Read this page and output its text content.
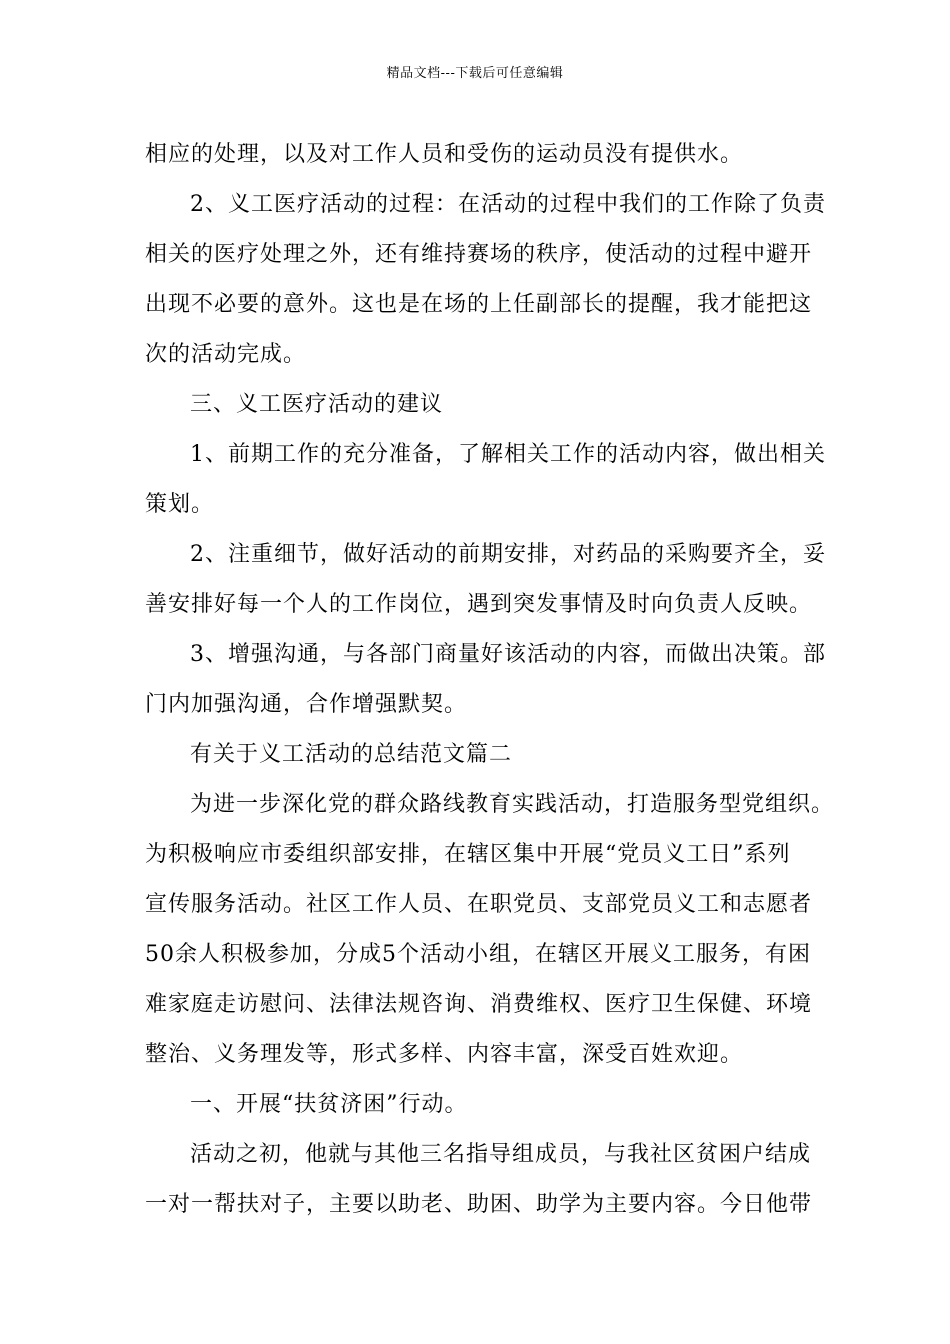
精品文档---下载后可任意编辑
相应的处理，以及对工作人员和受伤的运动员没有提供水。
2、义工医疗活动的过程：在活动的过程中我们的工作除了负责
相关的医疗处理之外，还有维持赛场的秩序，使活动的过程中避开
出现不必要的意外。这也是在场的上任副部长的提醒，我才能把这
次的活动完成。
三、义工医疗活动的建议
1、前期工作的充分准备，了解相关工作的活动内容，做出相关
策划。
2、注重细节，做好活动的前期安排，对药品的采购要齐全，妥
善安排好每一个人的工作岗位，遇到突发事情及时向负责人反映。
3、增强沟通，与各部门商量好该活动的内容，而做出决策。部
门内加强沟通，合作增强默契。
有关于义工活动的总结范文篇二
为进一步深化党的群众路线教育实践活动，打造服务型党组织。
为积极响应市委组织部安排，在辖区集中开展“党员义工日”系列
宣传服务活动。社区工作人员、在职党员、支部党员义工和志愿者
50余人积极参加，分成5个活动小组，在辖区开展义工服务，有困
难家庭走访慰问、法律法规咨询、消费维权、医疗卫生保健、环境
整治、义务理发等，形式多样、内容丰富，深受百姓欢迎。
一、开展“扶贫济困”行动。
活动之初，他就与其他三名指导组成员，与我社区贫困户结成
一对一帮扶对子，主要以助老、助困、助学为主要内容。今日他带
